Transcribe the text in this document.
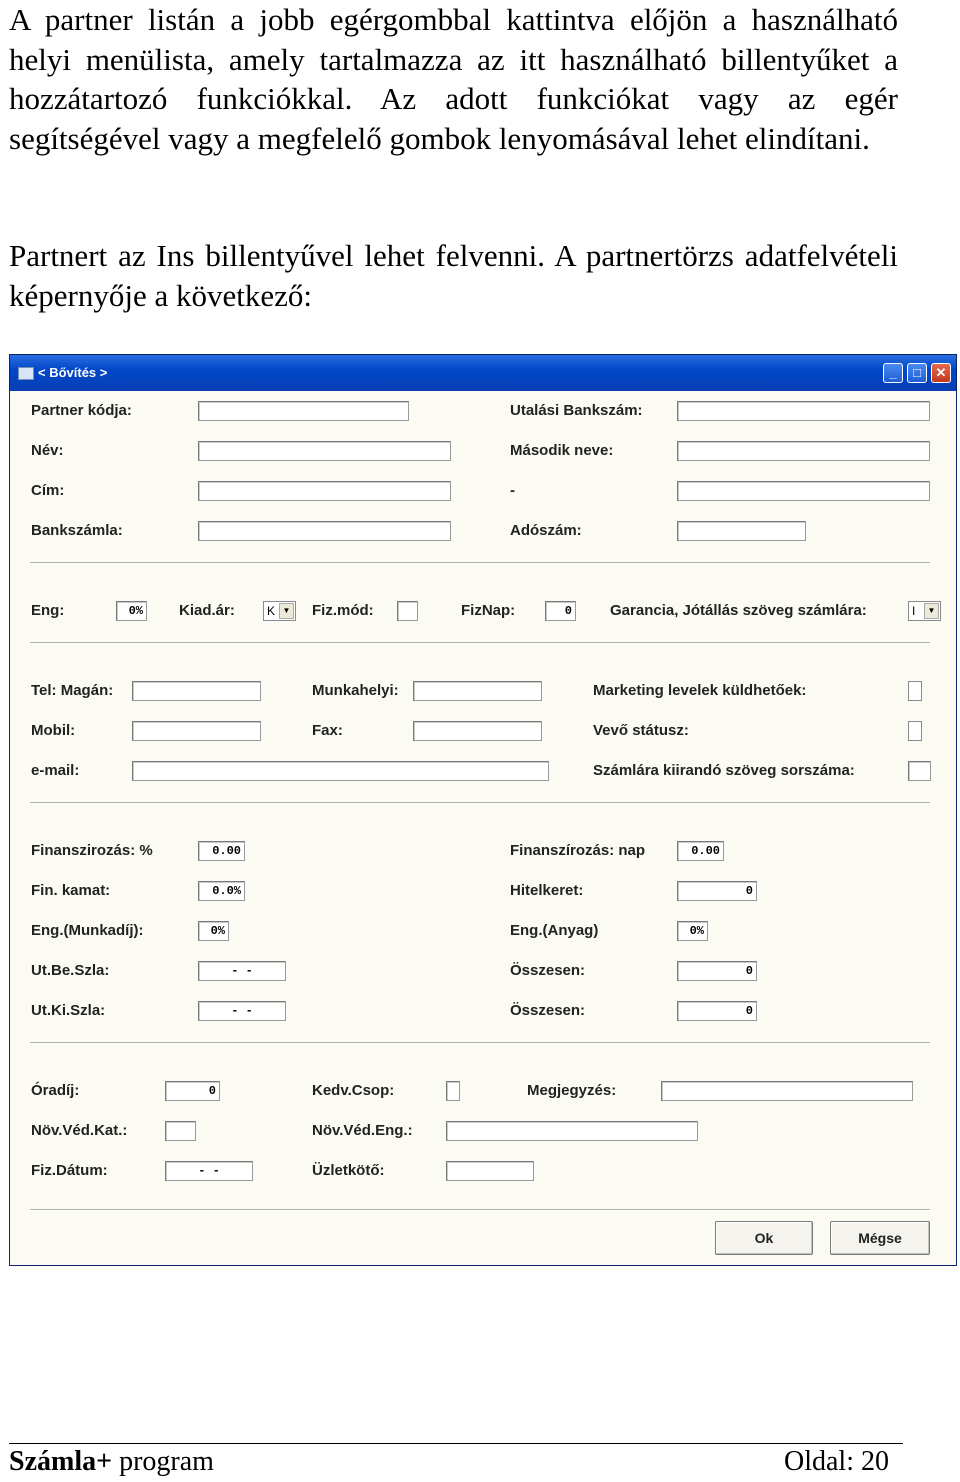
A partner listán a jobb egérgombbal kattintva előjön a használható helyi menülista, amely tartalmazza az itt használható billentyűket a hozzátartozó funkciókkal. Az adott funkciókat vagy az egér segítségével vagy a megfelelő gombok lenyomásával lehet elindítani.

Partnert az Ins billentyűvel lehet felvenni. A partnertörzs adatfelvételi képernyője a következő:

< Bővítés >	_	□	✕
Partner kódja:	Utalási Bankszám:
Név:	Második neve:
Cím:	-
Bankszámla:	Adószám:
Eng:	0% Kiad.ár:	K ▼ Fiz.mód:	FizNap:	0	Garancia, Jótállás szöveg számlára:	I	▼
Tel: Magán:	Munkahelyi:	Marketing levelek küldhetőek:
Mobil:	Fax:	Vevő státusz:
e-mail:	Számlára kiirandó szöveg sorszáma:
Finanszirozás: %	0.00	Finanszírozás: nap	0.00
Fin. kamat:	0.0%	Hitelkeret:	0
Eng.(Munkadíj):	0%	Eng.(Anyag)	0%
Ut.Be.Szla:	- -	Összesen:	0
Ut.Ki.Szla:	- -	Összesen:	0
Óradíj:	0	Kedv.Csop:	Megjegyzés:
Növ.Véd.Kat.:	Növ.Véd.Eng.:
Fiz.Dátum:	- -	Üzletkötő:
Ok	Mégse
Számla+ program	Oldal: 20
